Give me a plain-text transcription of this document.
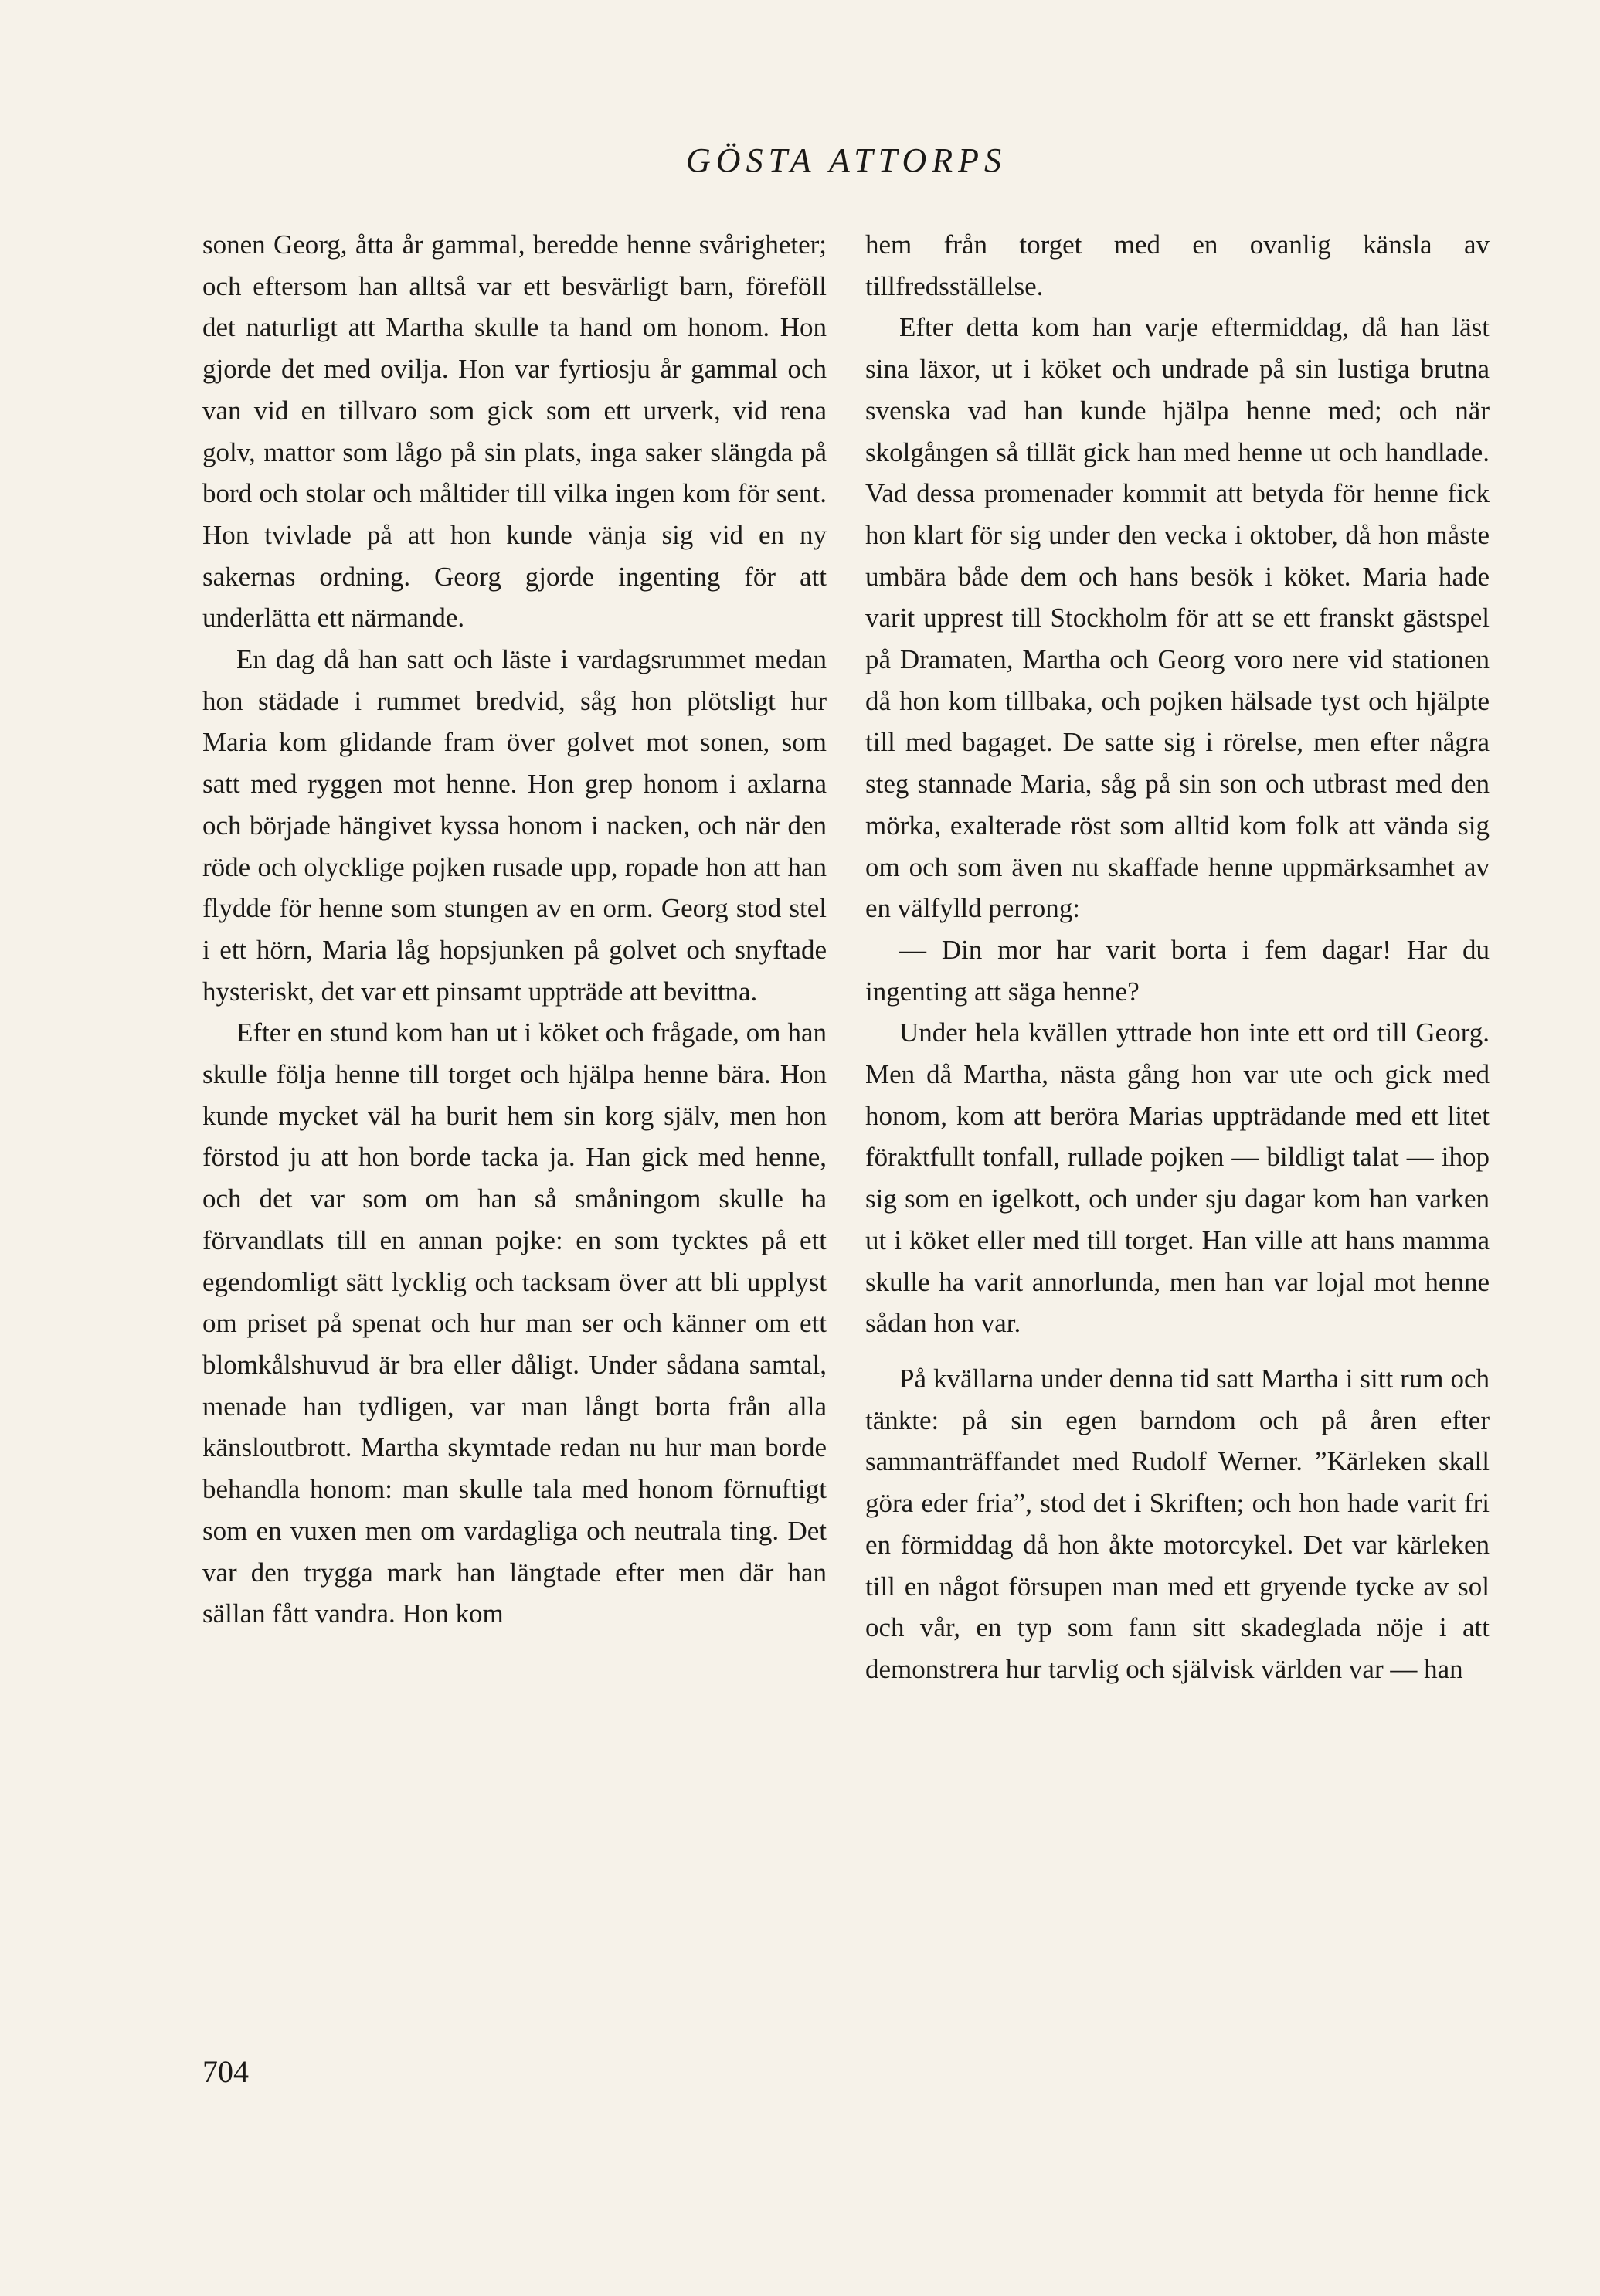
GÖSTA ATTORPS

sonen Georg, åtta år gammal, beredde henne svårigheter; och eftersom han alltså var ett besvärligt barn, föreföll det naturligt att Martha skulle ta hand om honom. Hon gjorde det med ovilja. Hon var fyrtiosju år gammal och van vid en tillvaro som gick som ett urverk, vid rena golv, mattor som lågo på sin plats, inga saker slängda på bord och stolar och måltider till vilka ingen kom för sent. Hon tvivlade på att hon kunde vänja sig vid en ny sakernas ordning. Georg gjorde ingenting för att underlätta ett närmande.

En dag då han satt och läste i vardagsrummet medan hon städade i rummet bredvid, såg hon plötsligt hur Maria kom glidande fram över golvet mot sonen, som satt med ryggen mot henne. Hon grep honom i axlarna och började hängivet kyssa honom i nacken, och när den röde och olycklige pojken rusade upp, ropade hon att han flydde för henne som stungen av en orm. Georg stod stel i ett hörn, Maria låg hopsjunken på golvet och snyftade hysteriskt, det var ett pinsamt uppträde att bevittna.

Efter en stund kom han ut i köket och frågade, om han skulle följa henne till torget och hjälpa henne bära. Hon kunde mycket väl ha burit hem sin korg själv, men hon förstod ju att hon borde tacka ja. Han gick med henne, och det var som om han så småningom skulle ha förvandlats till en annan pojke: en som tycktes på ett egendomligt sätt lycklig och tacksam över att bli upplyst om priset på spenat och hur man ser och känner om ett blomkålshuvud är bra eller dåligt. Under sådana samtal, menade han tydligen, var man långt borta från alla känsloutbrott. Martha skymtade redan nu hur man borde behandla honom: man skulle tala med honom förnuftigt som en vuxen men om vardagliga och neutrala ting. Det var den trygga mark han längtade efter men där han sällan fått vandra. Hon kom

hem från torget med en ovanlig känsla av tillfredsställelse.

Efter detta kom han varje eftermiddag, då han läst sina läxor, ut i köket och undrade på sin lustiga brutna svenska vad han kunde hjälpa henne med; och när skolgången så tillät gick han med henne ut och handlade. Vad dessa promenader kommit att betyda för henne fick hon klart för sig under den vecka i oktober, då hon måste umbära både dem och hans besök i köket. Maria hade varit upprest till Stockholm för att se ett franskt gästspel på Dramaten, Martha och Georg voro nere vid stationen då hon kom tillbaka, och pojken hälsade tyst och hjälpte till med bagaget. De satte sig i rörelse, men efter några steg stannade Maria, såg på sin son och utbrast med den mörka, exalterade röst som alltid kom folk att vända sig om och som även nu skaffade henne uppmärksamhet av en välfylld perrong:

— Din mor har varit borta i fem dagar! Har du ingenting att säga henne?

Under hela kvällen yttrade hon inte ett ord till Georg. Men då Martha, nästa gång hon var ute och gick med honom, kom att beröra Marias uppträdande med ett litet föraktfullt tonfall, rullade pojken — bildligt talat — ihop sig som en igelkott, och under sju dagar kom han varken ut i köket eller med till torget. Han ville att hans mamma skulle ha varit annorlunda, men han var lojal mot henne sådan hon var.

På kvällarna under denna tid satt Martha i sitt rum och tänkte: på sin egen barndom och på åren efter sammanträffandet med Rudolf Werner. ”Kärleken skall göra eder fria”, stod det i Skriften; och hon hade varit fri en förmiddag då hon åkte motorcykel. Det var kärleken till en något försupen man med ett gryende tycke av sol och vår, en typ som fann sitt skadeglada nöje i att demonstrera hur tarvlig och självisk världen var — han

704
